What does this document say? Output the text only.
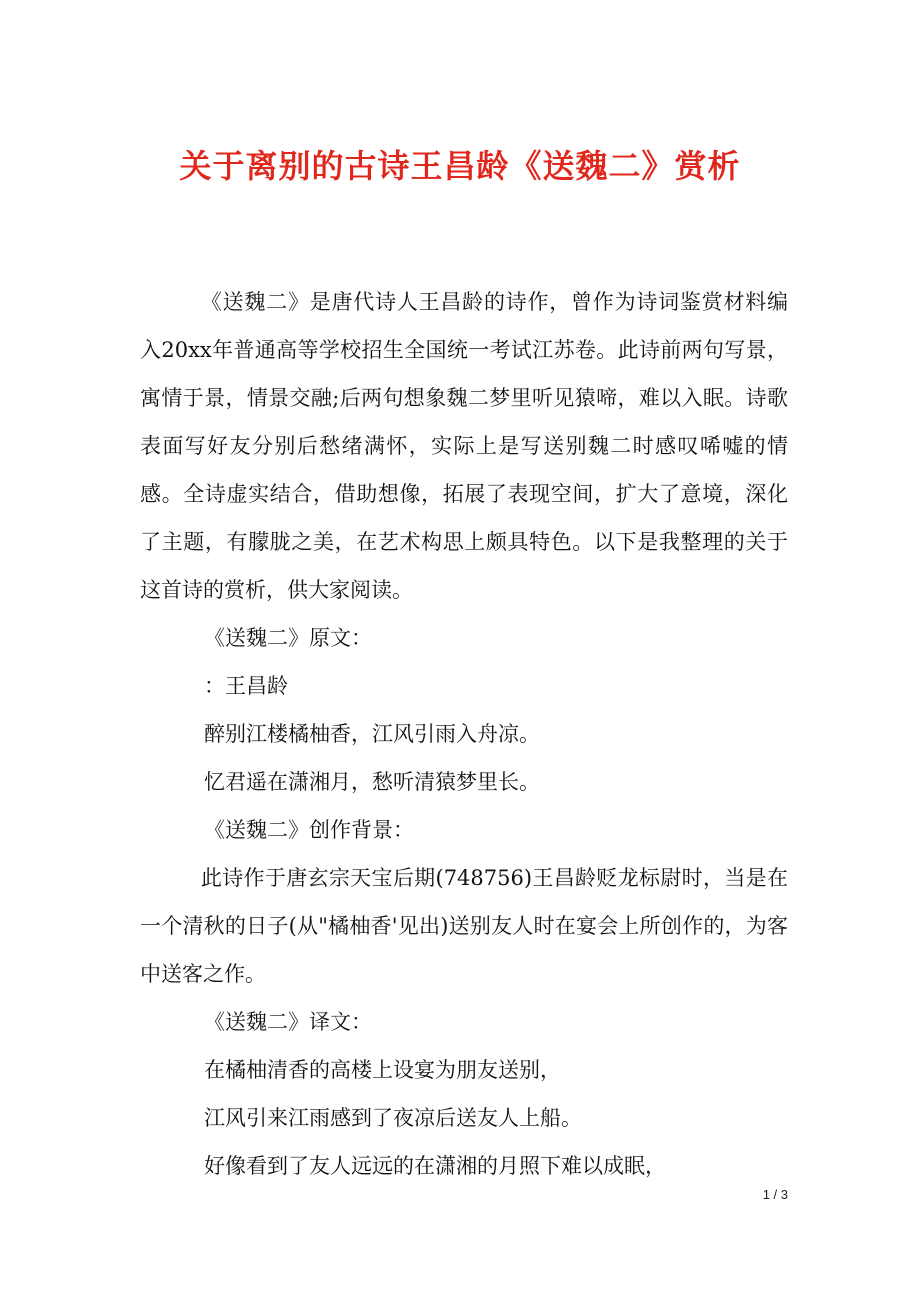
关于离别的古诗王昌龄《送魏二》赏析

《送魏二》是唐代诗人王昌龄的诗作，曾作为诗词鉴赏材料编入20xx年普通高等学校招生全国统一考试江苏卷。此诗前两句写景，寓情于景，情景交融;后两句想象魏二梦里听见猿啼，难以入眠。诗歌表面写好友分别后愁绪满怀，实际上是写送别魏二时感叹唏嘘的情感。全诗虚实结合，借助想像，拓展了表现空间，扩大了意境，深化了主题，有朦胧之美，在艺术构思上颇具特色。以下是我整理的关于这首诗的赏析，供大家阅读。

《送魏二》原文：

：王昌龄

醉别江楼橘柚香，江风引雨入舟凉。

忆君遥在潇湘月，愁听清猿梦里长。

《送魏二》创作背景：

此诗作于唐玄宗天宝后期(748756)王昌龄贬龙标尉时，当是在一个清秋的日子(从"橘柚香'见出)送别友人时在宴会上所创作的，为客中送客之作。

《送魏二》译文：

在橘柚清香的高楼上设宴为朋友送别，

江风引来江雨感到了夜凉后送友人上船。

好像看到了友人远远的在潇湘的月照下难以成眠，

1 / 3
